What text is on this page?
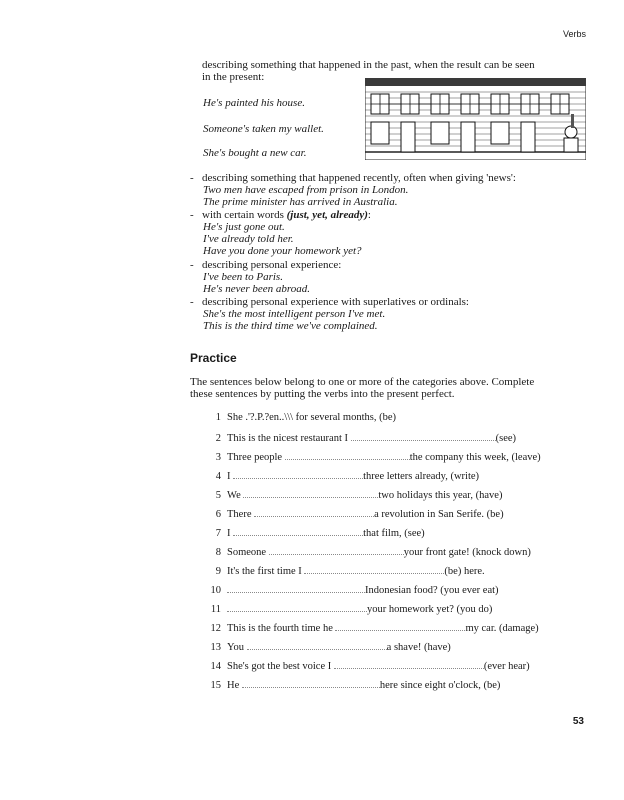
Verbs
describing something that happened in the past, when the result can be seen
in the present:
He's painted his house.
Someone's taken my wallet.
She's bought a new car.
- describing something that happened recently, often when giving 'news':
Two men have escaped from prison in London.
The prime minister has arrived in Australia.
- with certain words (just, yet, already):
He's just gone out.
I've already told her.
Have you done your homework yet?
- describing personal experience:
I've been to Paris.
He's never been abroad.
- describing personal experience with superlatives or ordinals:
She's the most intelligent person I've met.
This is the third time we've complained.
Practice
The sentences below belong to one or more of the categories above. Complete
these sentences by putting the verbs into the present perfect.
1 She .'?.P.?en..\\\ for several months, (be)
2 This is the nicest restaurant I	(see)
3 Three people	the company this week, (leave)
4 I	three letters already, (write)
5 We	two holidays this year, (have)
6 There	a revolution in San Serife. (be)
7 I	that film, (see)
8 Someone	your front gate! (knock down)
9 It's the first time I	(be) here.
10	Indonesian food? (you ever eat)
11	your homework yet? (you do)
12 This is the fourth time he	my car. (damage)
13 You	a shave! (have)
14 She's got the best voice I	(ever hear)
15 He	here since eight o'clock, (be)
53
